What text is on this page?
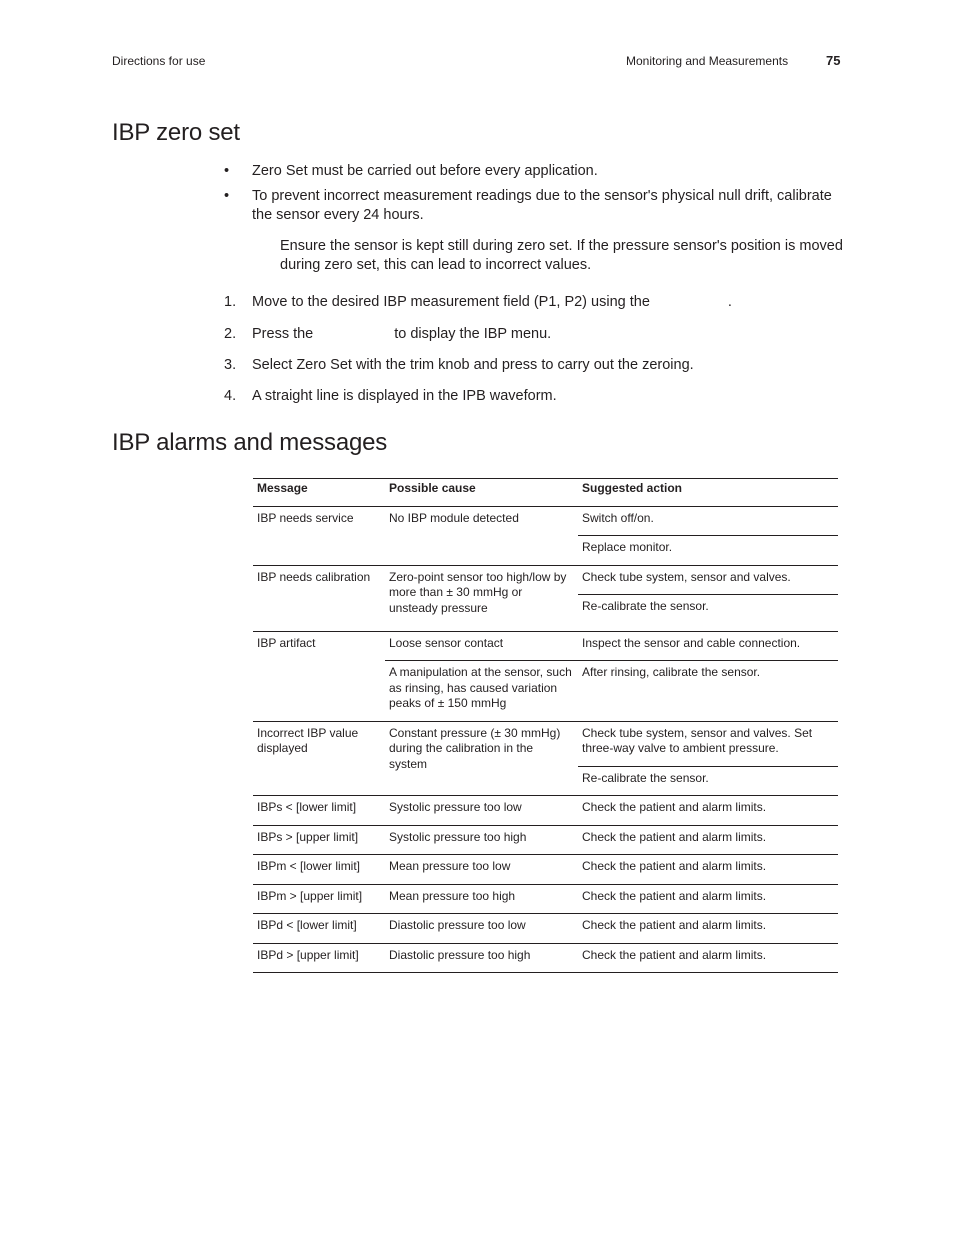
Directions for use	Monitoring and Measurements	75
IBP zero set
• Zero Set must be carried out before every application.

• To prevent incorrect measurement readings due to the sensor's physical null drift, calibrate the sensor every 24 hours.

Ensure the sensor is kept still during zero set. If the pressure sensor's position is moved during zero set, this can lead to incorrect values.

1. Move to the desired IBP measurement field (P1, P2) using the	.

2. Press the	to display the IBP menu.

3. Select Zero Set with the trim knob and press to carry out the zeroing.

4. A straight line is displayed in the IPB waveform.

IBP alarms and messages
Message	Possible cause	Suggested action
IBP needs service	No IBP module detected	Switch off/on.
		Replace monitor.
IBP needs calibration	Zero-point sensor too high/low by more than ± 30 mmHg or unsteady pressure	Check tube system, sensor and valves.
		Re-calibrate the sensor.
IBP artifact	Loose sensor contact	Inspect the sensor and cable connection.
	A manipulation at the sensor, such as rinsing, has caused variation peaks of ± 150 mmHg	After rinsing, calibrate the sensor.
Incorrect IBP value displayed	Constant pressure (± 30 mmHg) during the calibration in the system	Check tube system, sensor and valves. Set three-way valve to ambient pressure.
		Re-calibrate the sensor.
IBPs < [lower limit]	Systolic pressure too low	Check the patient and alarm limits.
IBPs > [upper limit]	Systolic pressure too high	Check the patient and alarm limits.
IBPm < [lower limit]	Mean pressure too low	Check the patient and alarm limits.
IBPm > [upper limit]	Mean pressure too high	Check the patient and alarm limits.
IBPd < [lower limit]	Diastolic pressure too low	Check the patient and alarm limits.
IBPd > [upper limit]	Diastolic pressure too high	Check the patient and alarm limits.
